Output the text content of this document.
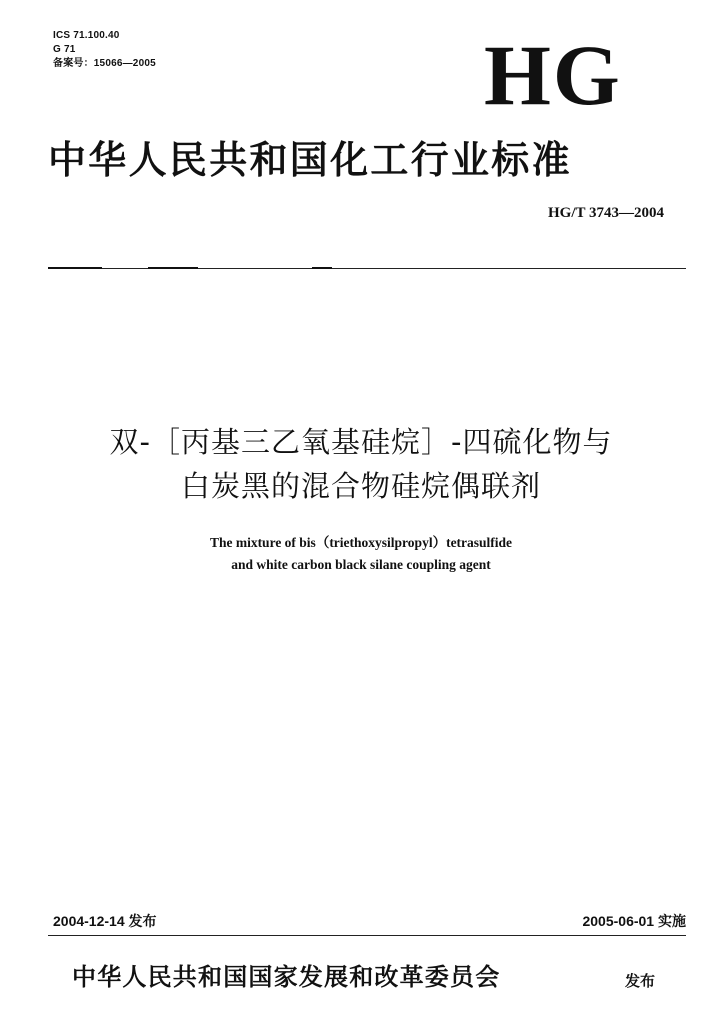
ICS 71.100.40
G 71
备案号：15066—2005	HG
中华人民共和国化工行业标准
HG/T 3743—2004
双-［丙基三乙氧基硅烷］-四硫化物与
白炭黑的混合物硅烷偶联剂
The mixture of bis（triethoxysilpropyl）tetrasulfide
and white carbon black silane coupling agent
2004-12-14 发布	2005-06-01 实施
中华人民共和国国家发展和改革委员会	发布
